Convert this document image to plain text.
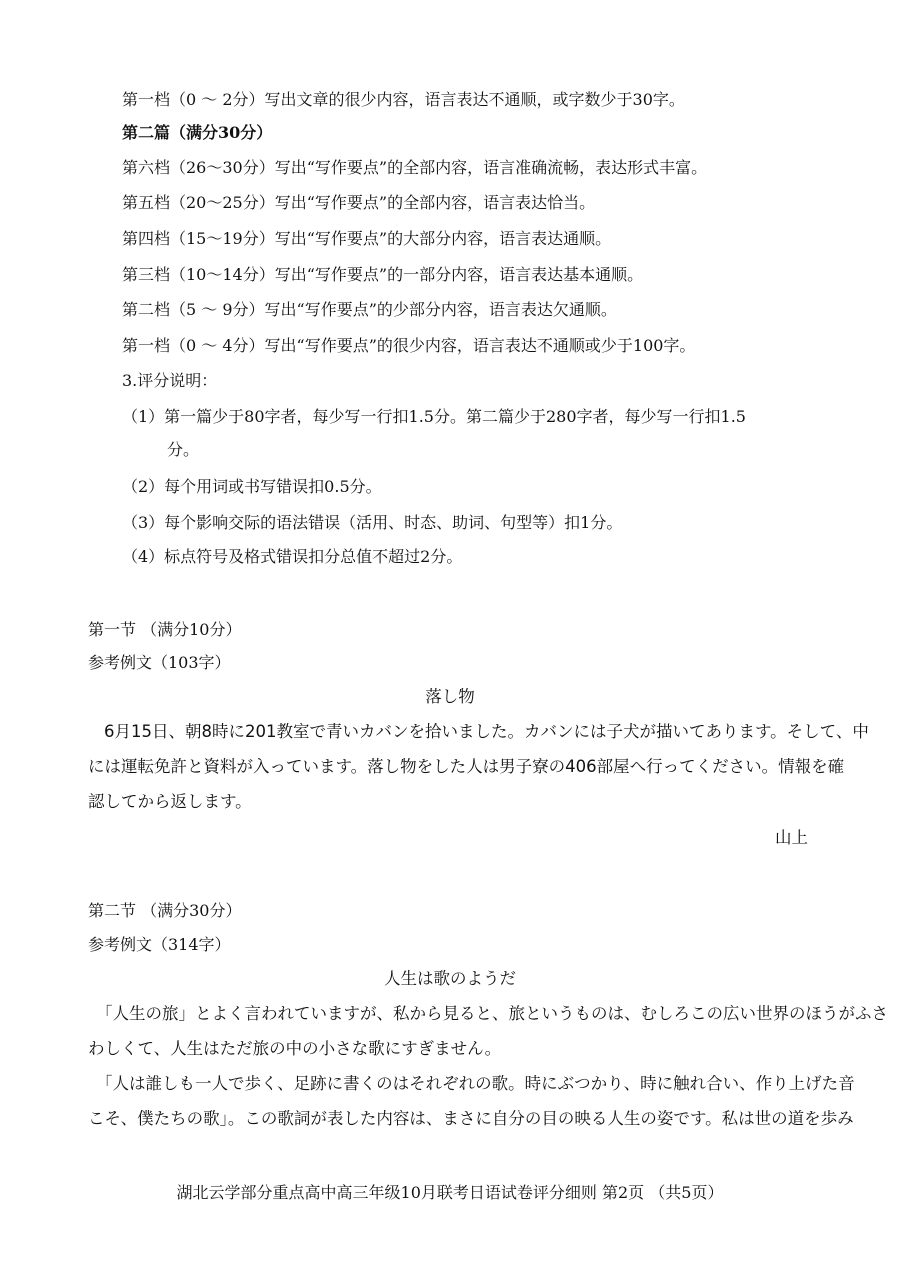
第一档（0 ～ 2分）写出文章的很少内容，语言表达不通顺，或字数少于30字。
第二篇（满分30分）
第六档（26～30分）写出“写作要点”的全部内容，语言准确流畅，表达形式丰富。
第五档（20～25分）写出“写作要点”的全部内容，语言表达恰当。
第四档（15～19分）写出“写作要点”的大部分内容，语言表达通顺。
第三档（10～14分）写出“写作要点”的一部分内容，语言表达基本通顺。
第二档（5 ～ 9分）写出“写作要点”的少部分内容，语言表达欠通顺。
第一档（0 ～ 4分）写出“写作要点”的很少内容，语言表达不通顺或少于100字。
3.评分说明：
（1）第一篇少于80字者，每少写一行扣1.5分。第二篇少于280字者，每少写一行扣1.5
分。
（2）每个用词或书写错误扣0.5分。
（3）每个影响交际的语法错误（活用、时态、助词、句型等）扣1分。
（4）标点符号及格式错误扣分总值不超过2分。
第一节 （满分10分）
参考例文（103字）
落し物
6月15日、朝8時に201教室で青いカバンを拾いました。カバンには子犬が描いてあります。そして、中
には運転免許と資料が入っています。落し物をした人は男子寮の406部屋へ行ってください。情報を確
認してから返します。
山上
第二节 （满分30分）
参考例文（314字）
人生は歌のようだ
「人生の旅」とよく言われていますが、私から見ると、旅というものは、むしろこの広い世界のほうがふさ
わしくて、人生はただ旅の中の小さな歌にすぎません。
「人は誰しも一人で歩く、足跡に書くのはそれぞれの歌。時にぶつかり、時に触れ合い、作り上げた音
こそ、僕たちの歌」。この歌詞が表した内容は、まさに自分の目の映る人生の姿です。私は世の道を歩み
湖北云学部分重点高中高三年级10月联考日语试卷评分细则 第2页 （共5页）
